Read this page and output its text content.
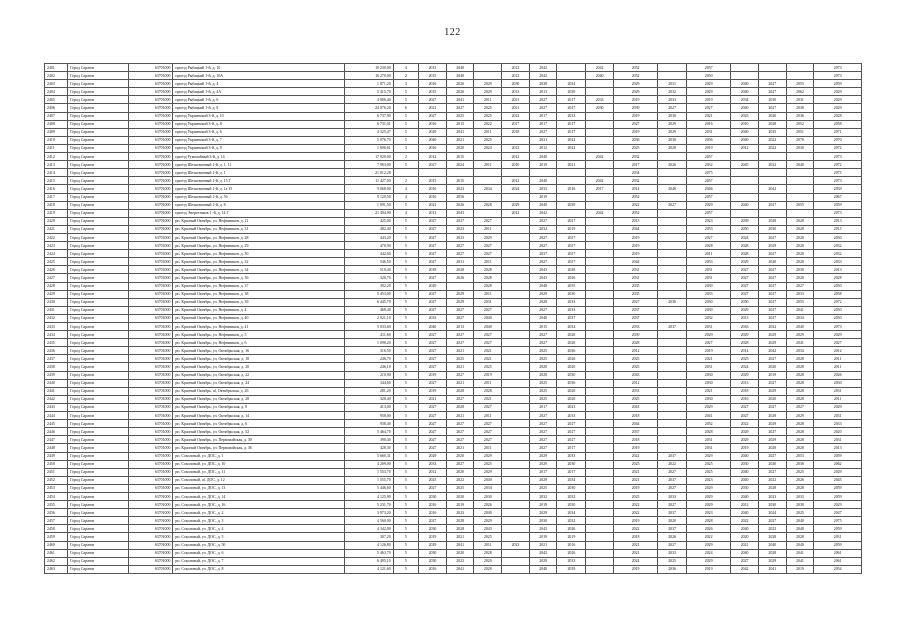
122
2401	Город Саратов	63701000	проезд Рыбацкий 1-й, д. 10	10 230,00	4	2013	2040		2012	2042		2042	2052		2057				2073
2402	Город Саратов	63701000	проезд Рыбацкий 1-й, д. 10А	16 270,00	2	2015	2040		2012	2042		2040	2052		2050				2073
2403	Город Саратов	63701000	проезд Рыбацкий 1-й, д. 4	1 871,20	3	2016	2026	2029	2030	2038	2034		2029	2031	2029	2040	2027	2055	2059
2404	Город Саратов	63701000	проезд Рыбацкий 1-й, д. 4А	5 415,70	5	2015	2026	2029	2013	2013	2039		2029	2032	2029	2040	2027	2062	2029
2405	Город Саратов	63701000	проезд Рыбацкий 1-й, д. 6	4 806,40	5	2027	2041	2011	2021	2027	2017	2033	2019	2033	2019	2034	2030	2031	2029
2406	Город Саратов	63701000	проезд Рыбацкий 1-й, д. 8	24 076,20	6	2021	2027	2025	2021	2027	2027	2030	2039	2027	2027	2040	2027	2038	2029
2407	Город Саратов	63701000	проезд Украинский 3-й, д. 10	6 737,90	5	2027	2025	2025	2022	2017	2033		2019	2030	2021	2025	2026	2036	2028
2408	Город Саратов	63701000	проезд Украинский 3-й, д. 8	6 731,01	5	2016	2015	2022	2017	2017	2017		2027	2029	2016	2010	2028	2052	2058
2409	Город Саратов	63701000	проезд Украинский 3-й, д. 6	4 325,47	5	2029	2041	2011	2018	2027	2017		2019	2029	2031	2040	2035	2051	2071
2410	Город Саратов	63701000	проезд Украинский 3-й, д. 7	5 076,70	5	2040	2021	2025		2031	2022		2036	2030	2056	2040	2022	2070	2070
2411	Город Саратов	63701000	проезд Украинский 3-й, д. 9	1 606,61	3	2016	2020	2024	2012	2012	2022		2025	2028	2019	2012	2022	2030	2072
2412	Город Саратов	63701000	проезд Рукомойный 3-й, д. 14	17 920,00	2	2012	2015		2012	2040		2042	2032		2057				2073
2413	Город Саратов	63701000	проезд Шелковичный 1-й, д. 1, 11	7 903,00	5	2027	2024	2011	2010	2019	2021		2017	2026	2032	2045	2032	2040	2072
2414	Город Саратов	63701000	проезд Шелковичный 1-й, д. 1	21 012,28									2034		2075				2075
2415	Город Саратов	63701000	проезд Шелковичный 1-й, д. 15 Г	11 427,00	2	2015	2015		2012	2040		2042	2032		2057				2073
2416	Город Саратов	63701000	проезд Шелковичный 1-й, д. 1а 15	9 068,00	4	2016	2023	2034	2024	2033	2016	2017	2014	2046	2046		2042		2039
2417	Город Саратов	63701000	проезд Шелковичный 1-й, д. 5б	9 120,50	4	2016	2056			2019			2052		2057				2067
2418	Город Саратов	63701000	проезд Шелковичный 1-й, д. 8	1 091,50	5	2021	2026	2028	2029	2040	2039		2022	2027	2029	2040	2027	2055	2059
2419	Город Саратов	63701000	проезд Энергетиков 1 -й, д. 14 Г	21 494,90	4	2013	2043		2012	2042		2042	2052		2057				2073
2420	Город Саратов	63701000	рп. Красный Октябрь, ул. Нефтяников, д. 21	425,00	5	2027	2027	2027		2027	2027		2013		2023	2039	2028	2028	2013
2421	Город Саратов	63701000	рп. Красный Октябрь, ул. Нефтяников, д. 31	482,40	5	2027	2023	2011		2032	2019		2044		2053	2050	2030	2028	2015
2422	Город Саратов	63701000	рп. Красный Октябрь, ул. Нефтяников, д. 28	443,20	5	2027	2023	2029		2027	2027		2019		2027	2024	2027	2028	2030
2423	Город Саратов	63701000	рп. Красный Октябрь, ул. Нефтяников, д. 29	470,90	5	2027	2027	2027		2027	2027		2019		2028	2028	2029	2028	2032
2424	Город Саратов	63701000	рп. Красный Октябрь, ул. Нефтяников, д. 30	442,60	5	2027	2027	2027		2037	2027		2019		2011	2028	2027	2028	2032
2425	Город Саратов	63701000	рп. Красный Октябрь, ул. Нефтяников, д. 32	546,50	5	2027	2031	2011		2027	2027		2044		2053	2029	2020	2028	2033
2426	Город Саратов	63701000	рп. Красный Октябрь, ул. Нефтяников, д. 34	510,40	5	2018	2028	2028		2043	2028		2031		2031	2027	2027	2030	2013
2427	Город Саратов	63701000	рп. Красный Октябрь, ул. Нефтяников, д. 36	320,70	5	2027	2026	2028		2043	2026		2031		2031	2027	2027	2028	2028
2428	Город Саратов	63701000	рп. Красный Октябрь, ул. Нефтяников, д. 37	392,20	5	2029		2028		2048	2035		2035		2039	2027	2027	2027	2030
2429	Город Саратов	63701000	рп. Красный Октябрь, ул. Нефтяников, д. 38	5 453,00	5	2027	2029	2011		2029	2030		2035		2033	2027	2027	2033	2058
2430	Город Саратов	63701000	рп. Красный Октябрь, ул. Нефтяников, д. 39	6 445,70	5	2027	2029	2031		2028	2033		2027	2036	2030	2050	2027	2055	2072
2431	Город Саратов	63701000	рп. Красный Октябрь, ул. Нефтяников, д. 4	468,40	5	2027	2027	2027		2027	2033		2037		2039	2029	2027	2041	2030
2432	Город Саратов	63701000	рп. Красный Октябрь, ул. Нефтяников, д. 40	2 021,10	5	2033	2027	2040		2040	2037		2037		2032	2013	2027	2034	2030
2433	Город Саратов	63701000	рп. Красный Октябрь, ул. Нефтяников, д. 41	5 033,60	5	2040	2013	2040		2015	2032		2033	2037	2031	2043	2032	2040	2073
2434	Город Саратов	63701000	рп. Красный Октябрь, ул. Нефтяников, д. 5	411,60	5	2027	2027	2027		2027	2028		2039		2029	2029	2029	2029	2029
2435	Город Саратов	63701000	рп. Красный Октябрь, ул. Нефтяников, д. 6	1 090,20	5	2027	2027	2027		2027	2028		2028		2027	2028	2029	2041	2027
2436	Город Саратов	63701000	рп. Красный Октябрь, ул. Октябрьская, д. 16	316,50	5	2027	2021	2021		2025	2036		2012		2019	2014	2042	2034	2012
2437	Город Саратов	63701000	рп. Красный Октябрь, ул. Октябрьская, д. 18	246,70	5	2027	2025	2021		2025	2026		2025		2021	2025	2027	2028	2011
2438	Город Саратов	63701000	рп. Красный Октябрь, ул. Октябрьская, д. 20	246,10	5	2027	2021	2025		2020	2020		2025		2031	2024	2020	2028	2011
2439	Город Саратов	63701000	рп. Красный Октябрь, ул. Октябрьская, д. 22	210,90	5	2019	2027	2019		2028	2030		2043		2030	2029	2019	2028	2026
2440	Город Саратов	63701000	рп. Красный Октябрь, ул. Октябрьская, д. 24	344,60	5	2027	2021	2011		2025	2036		2012		2030	2013	2027	2028	2030
2441	Город Саратов	63701000	рп. Красный Октябрь, ul. Октябрьская, д. 26	281,20	5	2019	2028	2028		2025	2026		2031		2021	2018	2029	2028	2031
2442	Город Саратов	63701000	рп. Красный Октябрь, ул. Октябрьская, д. 28	328,40	5	2021	2027	2021		2025	2026		2025		2030	2016	2020	2028	2011
2443	Город Саратов	63701000	рп. Красный Октябрь, ул. Октябрьская, д. 8	413,00	5	2027	2028	2027		2017	2023		2041		2029	2027	2027	2027	2029
2444	Город Саратов	63701000	рп. Красный Октябрь, ул. Октябрьская, д. 14	958,00	5	2027	2021	2011		2027	2033		2018		2041	2027	2028	2029	2031
2445	Город Саратов	63701000	рп. Красный Октябрь, ул. Октябрьская, д. 6	938,40	5	2027	2027	2027		2027	2027		2044		2052	2022	2029	2028	2033
2446	Город Саратов	63701000	рп. Красный Октябрь, ул. Октябрьская, д. 52	5 464,70	5	2027	2027	2027		2027	2027		2037		2028	2029	2027	2028	2020
2447	Город Саратов	63701000	рп. Красный Октябрь, ул. Первомайская, д. 30	390,40	5	2027	2027	2027		2027	2027		2018		2031	2029	2029	2028	2031
2448	Город Саратов	63701000	рп. Красный Октябрь, ул. Первомайская, д. 36	428,30	5	2027	2021	2011		2027	2017		2019		2031	2019	2028	2028	2013
2449	Город Саратов	63701000	рп. Соколовый, ул. ДОС, д. 1	5 660,31	5	2029	2020	2029		2029	2033		2022	2037	2029	2040	2027	2053	2059
2450	Город Саратов	63701000	рп. Соколовый, ул. ДОС, д. 10	4 209,00	5	2033	2027	2025		2029	2030		2025	2022	2025	2030	2020	2036	2062
2451	Город Саратов	63701000	рп. Соколовый, ул. ДОС, д. 11	1 553,70	5	2012	2020	2029		2017	2017		2021	2027	2025	2040	2027	2025	2029
2452	Город Саратов	63701000	рп. Соколовый, ul. ДОС, д. 12	1 555,70	5	2025	2022	2040		2029	2034		2021	2037	2023	2040	2022	2026	2045
2453	Город Саратов	63701000	рп. Соколовый, ул. ДОС, д. 13	5 446,60	5	2027	2025	2034		2025	2030		2019	2027	2029	2030	2028	2028	2059
2454	Город Саратов	63701000	рп. Соколовый, ул. ДОС, д. 14	4 125,90	5	2030	2020	2030		2032	2032		2025	2033	2029	2040	2023	2033	2059
2455	Город Саратов	63701000	рп. Соколовый, ул. ДОС, д. 16	5 231,70	5	2016	2019	2026		2019	2030		2022	2027	2029	2012	2030	2039	2029
2456	Город Саратов	63701000	рп. Соколовый, ул. ДОС, д. 2	3 973,20	5	2016	2023	2040		2029	2034		2022	2037	2023	2040	2024	2025	2047
2457	Город Саратов	63701000	рп. Соколовый, ул. ДОС, д. 3	4 560,00	5	2027	2028	2029		2030	2032		2019	2020	2028	2022	2027	2040	2075
2458	Город Саратов	63701000	рп. Соколовый, ул. ДОС, д. 4	4 342,00	5	2030	2028	2043		2043	2026		2022	2037	2026	2040	2022	2040	2059
2459	Город Саратов	63701000	рп. Соколовый, ул. ДОС, д. 5	307,20	5	2019	2021	2025		2019	2019		2018	2026	2022	2020	2028	2028	2031
2460	Город Саратов	63701000	рп. Соколовый, ул. ДОС, д. 50	4 126,80	5	2029	2041	2011	2023	2021	2016		2021	2027	2029	2021	2040	2040	2059
2461	Город Саратов	63701000	рп. Соколовый, ул. ДОС, д. 6	5 463,70	5	2030	2020	2028		2043	2026		2021	2033	2024	2040	2028	2041	2061
2462	Город Саратов	63701000	рп. Соколовый, ул. ДОС, д. 7	6 495,10	5	2030	2022	2020		2029	2033		2024	2025	2029	2027	2029	2041	2061
2463	Город Саратов	63701000	рп. Соколовый, ул. ДОС, д. 8	4 121,60	5	2016	2041	2028		2040	2039		2019	2036	2019	2042	2041	2019	2054
